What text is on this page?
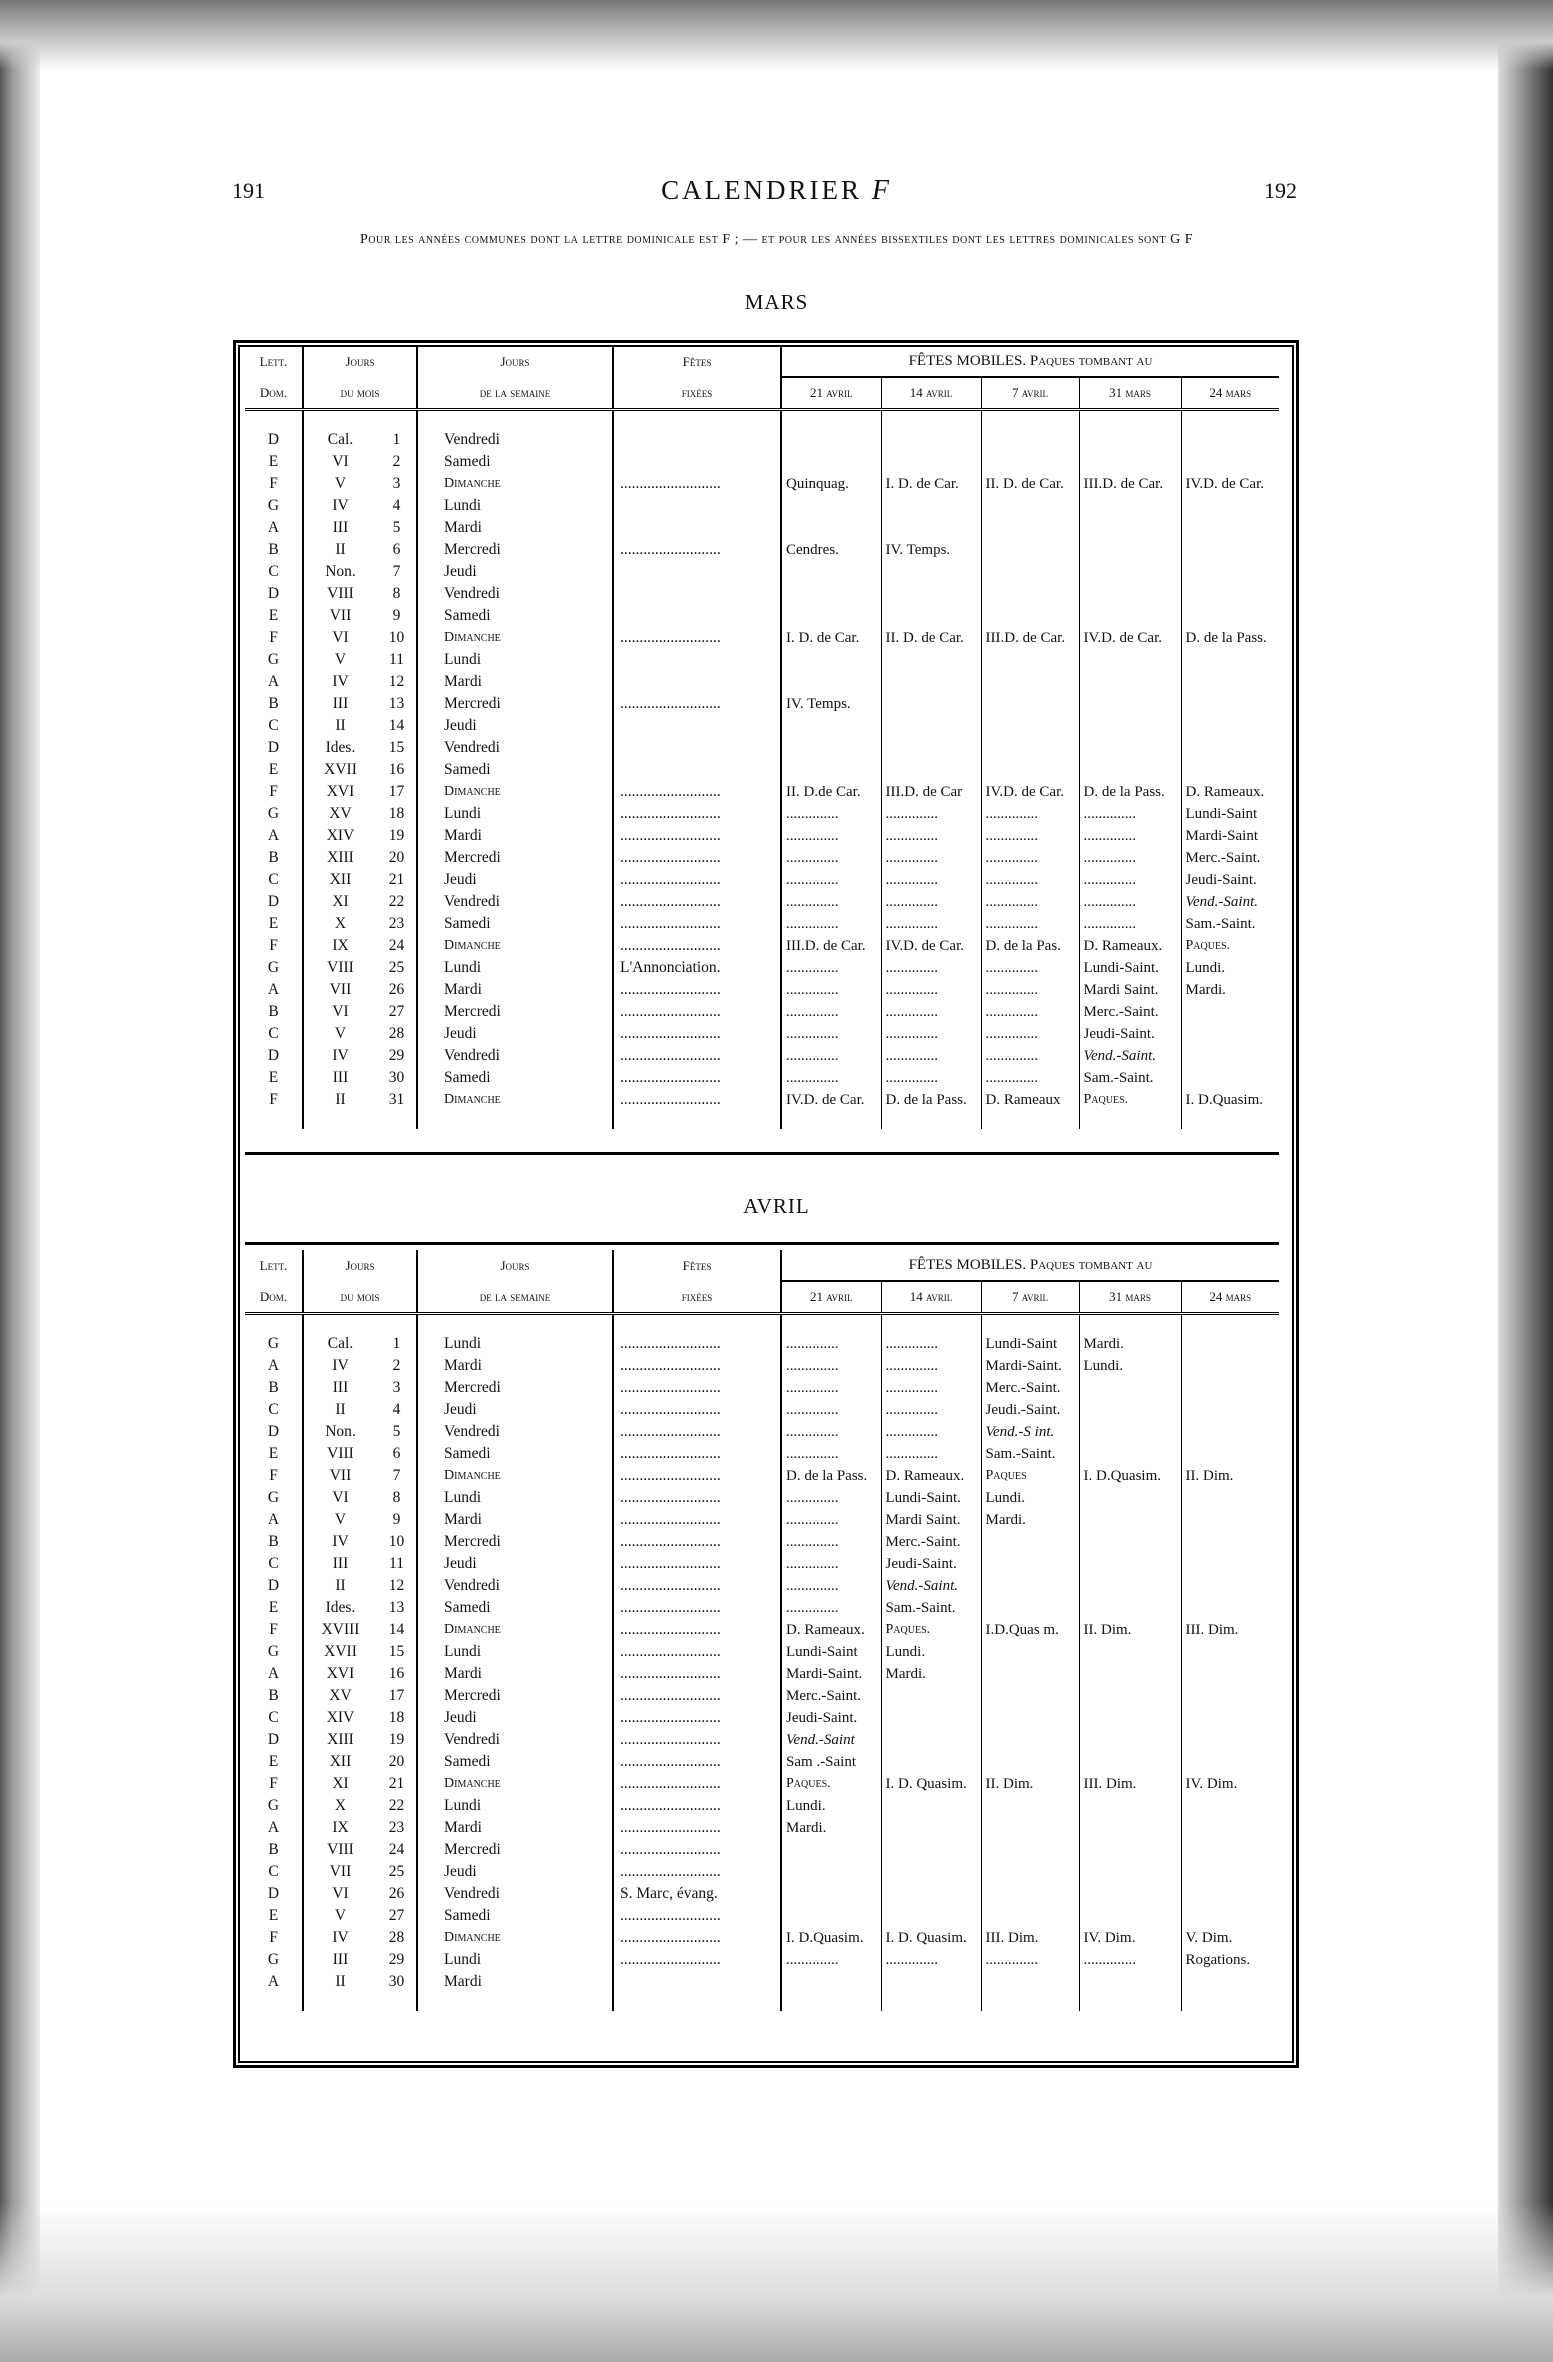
191	192
CALENDRIER F
Pour les années communes dont la lettre dominicale est F ; — et pour les années bissextiles dont les lettres dominicales sont G F
MARS
Lett.	Jours		Jours	Fêtes	FÊTES MOBILES. Paques tombant au				
Dom.	du mois		de la semaine	fixées	21 avril	14 avril	7 avril	31 mars	24 mars

D	Cal.	1	Vendredi						
E	VI	2	Samedi						
F	V	3	Dimanche	..........................	Quinquag.	I. D. de Car.	II. D. de Car.	III.D. de Car.	IV.D. de Car.
G	IV	4	Lundi						
A	III	5	Mardi						
B	II	6	Mercredi	..........................	Cendres.	IV. Temps.			
C	Non.	7	Jeudi						
D	VIII	8	Vendredi						
E	VII	9	Samedi						
F	VI	10	Dimanche	..........................	I. D. de Car.	II. D. de Car.	III.D. de Car.	IV.D. de Car.	D. de la Pass.
G	V	11	Lundi						
A	IV	12	Mardi						
B	III	13	Mercredi	..........................	IV. Temps.				
C	II	14	Jeudi						
D	Ides.	15	Vendredi						
E	XVII	16	Samedi						
F	XVI	17	Dimanche	..........................	II. D.de Car.	III.D. de Car	IV.D. de Car.	D. de la Pass.	D. Rameaux.
G	XV	18	Lundi	..........................	..............	..............	..............	..............	Lundi-Saint
A	XIV	19	Mardi	..........................	..............	..............	..............	..............	Mardi-Saint
B	XIII	20	Mercredi	..........................	..............	..............	..............	..............	Merc.-Saint.
C	XII	21	Jeudi	..........................	..............	..............	..............	..............	Jeudi-Saint.
D	XI	22	Vendredi	..........................	..............	..............	..............	..............	Vend.-Saint.
E	X	23	Samedi	..........................	..............	..............	..............	..............	Sam.-Saint.
F	IX	24	Dimanche	..........................	III.D. de Car.	IV.D. de Car.	D. de la Pas.	D. Rameaux.	Paques.
G	VIII	25	Lundi	L'Annonciation.	..............	..............	..............	Lundi-Saint.	Lundi.
A	VII	26	Mardi	..........................	..............	..............	..............	Mardi Saint.	Mardi.
B	VI	27	Mercredi	..........................	..............	..............	..............	Merc.-Saint.	
C	V	28	Jeudi	..........................	..............	..............	..............	Jeudi-Saint.	
D	IV	29	Vendredi	..........................	..............	..............	..............	Vend.-Saint.	
E	III	30	Samedi	..........................	..............	..............	..............	Sam.-Saint.	
F	II	31	Dimanche	..........................	IV.D. de Car.	D. de la Pass.	D. Rameaux	Paques.	I. D.Quasim.

AVRIL
Lett.	Jours		Jours	Fêtes	FÊTES MOBILES. Paques tombant au				
Dom.	du mois		de la semaine	fixées	21 avril	14 avril	7 avril	31 mars	24 mars

G	Cal.	1	Lundi	..........................	..............	..............	Lundi-Saint	Mardi.	
A	IV	2	Mardi	..........................	..............	..............	Mardi-Saint.	Lundi.	
B	III	3	Mercredi	..........................	..............	..............	Merc.-Saint.		
C	II	4	Jeudi	..........................	..............	..............	Jeudi.-Saint.		
D	Non.	5	Vendredi	..........................	..............	..............	Vend.-S int.		
E	VIII	6	Samedi	..........................	..............	..............	Sam.-Saint.		
F	VII	7	Dimanche	..........................	D. de la Pass.	D. Rameaux.	Paques	I. D.Quasim.	II. Dim.
G	VI	8	Lundi	..........................	..............	Lundi-Saint.	Lundi.		
A	V	9	Mardi	..........................	..............	Mardi Saint.	Mardi.		
B	IV	10	Mercredi	..........................	..............	Merc.-Saint.			
C	III	11	Jeudi	..........................	..............	Jeudi-Saint.			
D	II	12	Vendredi	..........................	..............	Vend.-Saint.			
E	Ides.	13	Samedi	..........................	..............	Sam.-Saint.			
F	XVIII	14	Dimanche	..........................	D. Rameaux.	Paques.	I.D.Quas m.	II. Dim.	III. Dim.
G	XVII	15	Lundi	..........................	Lundi-Saint	Lundi.			
A	XVI	16	Mardi	..........................	Mardi-Saint.	Mardi.			
B	XV	17	Mercredi	..........................	Merc.-Saint.				
C	XIV	18	Jeudi	..........................	Jeudi-Saint.				
D	XIII	19	Vendredi	..........................	Vend.-Saint				
E	XII	20	Samedi	..........................	Sam .-Saint				
F	XI	21	Dimanche	..........................	Paques.	I. D. Quasim.	II. Dim.	III. Dim.	IV. Dim.
G	X	22	Lundi	..........................	Lundi.				
A	IX	23	Mardi	..........................	Mardi.				
B	VIII	24	Mercredi	..........................					
C	VII	25	Jeudi	..........................					
D	VI	26	Vendredi	S. Marc, évang.					
E	V	27	Samedi	..........................					
F	IV	28	Dimanche	..........................	I. D.Quasim.	I. D. Quasim.	III. Dim.	IV. Dim.	V. Dim.
G	III	29	Lundi	..........................	..............	..............	..............	..............	Rogations.
A	II	30	Mardi						
